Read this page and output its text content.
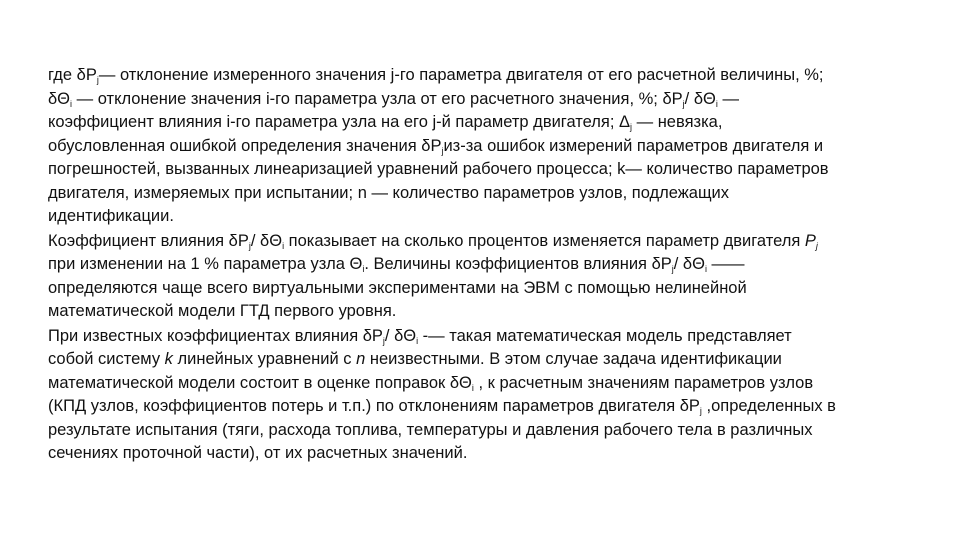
где $\delta P_j—$ отклонение измеренного значения j-го параметра двигателя от его расчетной величины, %;
$\delta\Theta_i$ — отклонение значения i-го параметра узла от его расчетного значения, %; $\delta P_j/$ $\delta\Theta_i$ —
коэффициент влияния i-го параметра узла на его j-й параметр двигателя; $\Delta_j$ — невязка,
обусловленная ошибкой определения значения $\delta P_jиз-за$ ошибок измерений параметров двигателя и
погрешностей, вызванных линеаризацией уравнений рабочего процесса; k— количество параметров
двигателя, измеряемых при испытании; n — количество параметров узлов, подлежащих
идентификации.

Коэффициент влияния $\delta P_j/$ $\delta\Theta_i$ показывает на сколько процентов изменяется параметр двигателя $P_j$
при изменении на 1 % параметра узла $\Theta_i$. Величины коэффициентов влияния $\delta P_j/$ $\delta\Theta_i$ ——
определяются чаще всего виртуальными экспериментами на ЭВМ с помощью нелинейной
математической модели ГТД первого уровня.

При известных коэффициентах влияния $\delta P_j/$ $\delta\Theta_i$ -— такая математическая модель представляет
собой систему k линейных уравнений с n неизвестными. В этом случае задача идентификации
математической модели состоит в оценке поправок $\delta\Theta_i$ , к расчетным значениям параметров узлов
(КПД узлов, коэффициентов потерь и т.п.) по отклонениям параметров двигателя $\delta P_j$ ,определенных в
результате испытания (тяги, расхода топлива, температуры и давления рабочего тела в различных
сечениях проточной части), от их расчетных значений.
